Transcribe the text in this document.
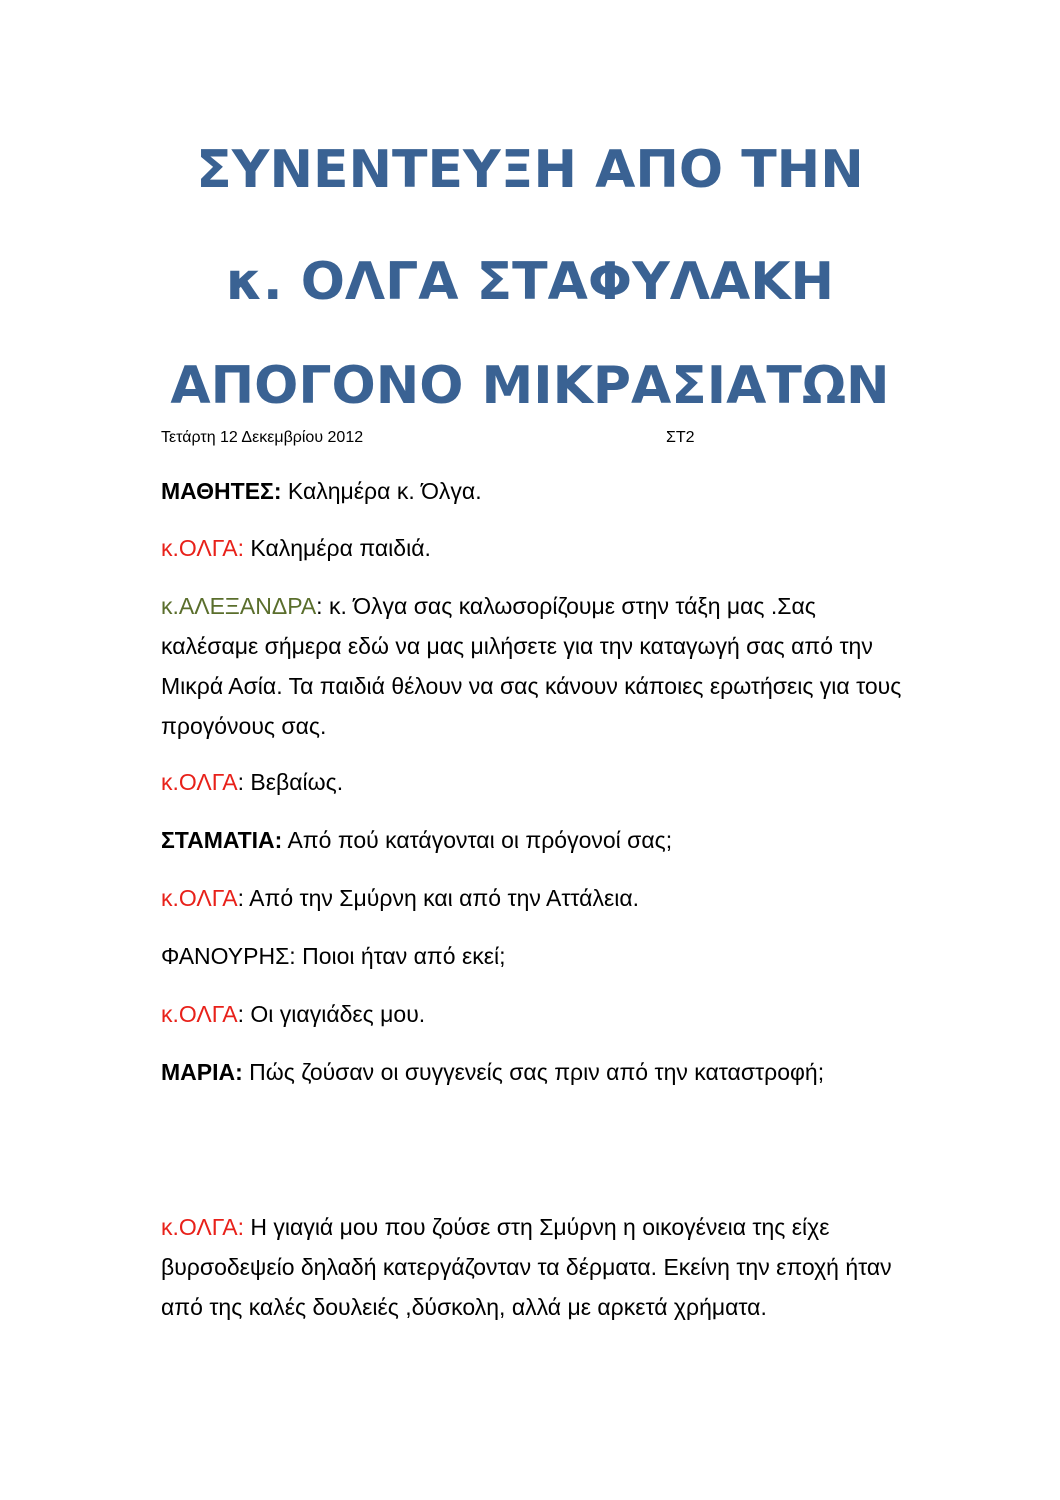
ΣΥΝΕΝΤΕΥΞΗ ΑΠΟ ΤΗΝ
κ. ΟΛΓΑ ΣΤΑΦΥΛΑΚΗ
ΑΠΟΓΟΝΟ ΜΙΚΡΑΣΙΑΤΩΝ
Τετάρτη 12 Δεκεμβρίου 2012	ΣΤ2

ΜΑΘΗΤΕΣ: Καλημέρα κ. Όλγα.

κ.ΟΛΓΑ: Καλημέρα παιδιά.

κ.ΑΛΕΞΑΝΔΡΑ: κ. Όλγα σας καλωσορίζουμε στην τάξη μας .Σας καλέσαμε σήμερα εδώ να μας μιλήσετε για την καταγωγή σας από την Μικρά Ασία. Τα παιδιά θέλουν να σας κάνουν κάποιες ερωτήσεις για τους προγόνους σας.

κ.ΟΛΓΑ: Βεβαίως.

ΣΤΑΜΑΤΙΑ: Από πού κατάγονται οι πρόγονοί σας;

κ.ΟΛΓΑ: Από την Σμύρνη και από την Αττάλεια.

ΦΑΝΟΥΡΗΣ: Ποιοι ήταν από εκεί;

κ.ΟΛΓΑ: Οι γιαγιάδες μου.

ΜΑΡΙΑ: Πώς ζούσαν οι συγγενείς σας πριν από την καταστροφή;

κ.ΟΛΓΑ: Η γιαγιά μου που ζούσε στη Σμύρνη η οικογένεια της είχε βυρσοδεψείο δηλαδή κατεργάζονταν τα δέρματα. Εκείνη την εποχή ήταν από της καλές δουλειές ,δύσκολη, αλλά με αρκετά χρήματα.
